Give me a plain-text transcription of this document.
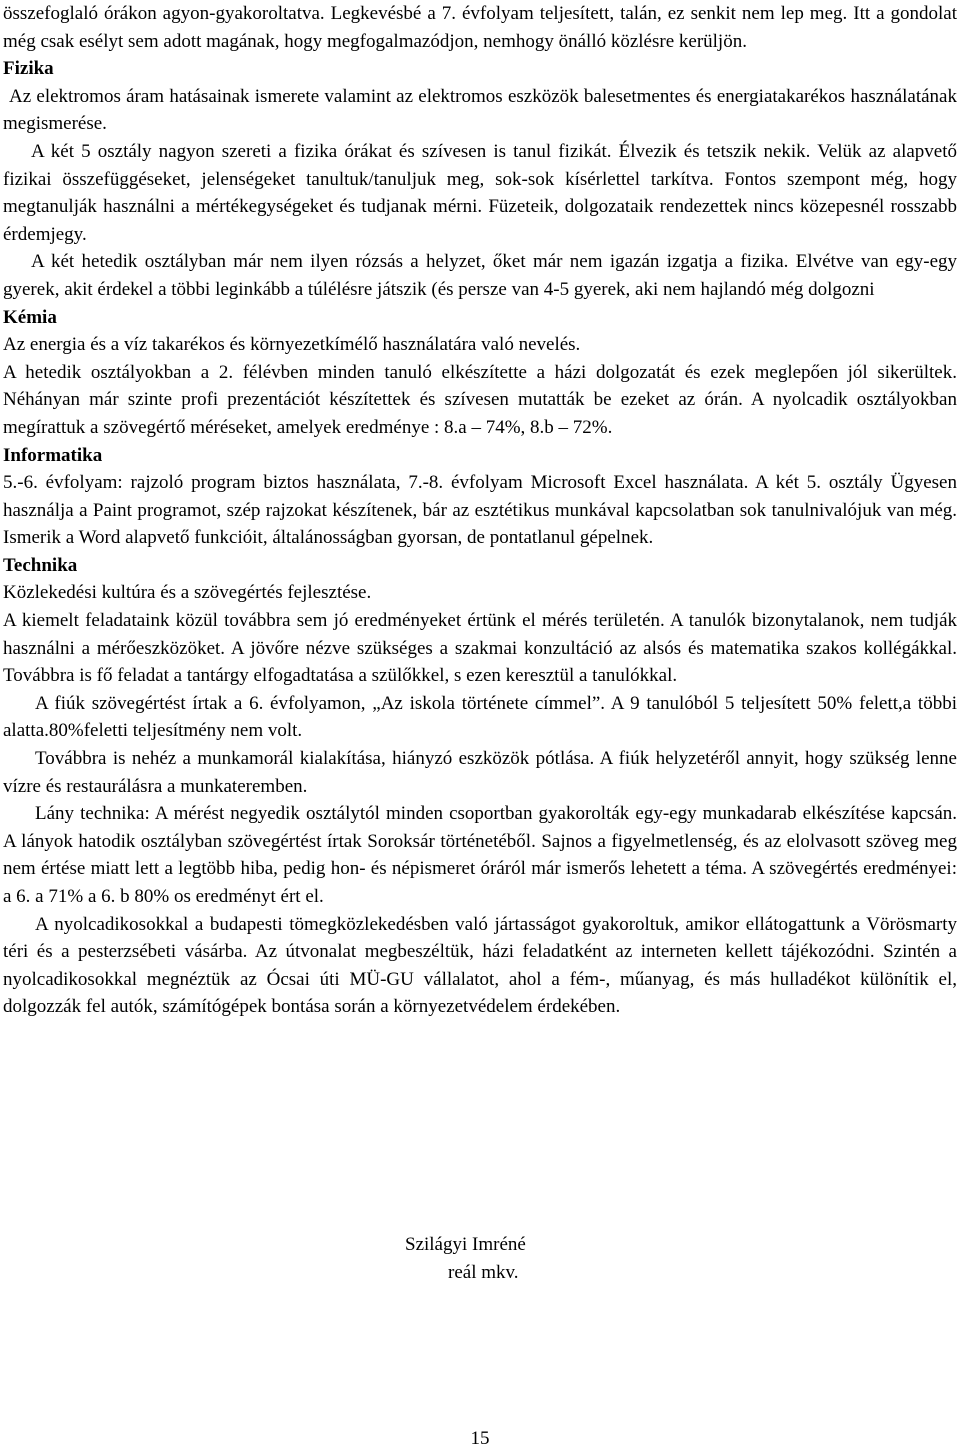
összefoglaló órákon agyon-gyakoroltatva. Legkevésbé a 7. évfolyam teljesített, talán, ez senkit nem lep meg. Itt a gondolat még csak esélyt sem adott magának, hogy megfogalmazódjon, nemhogy önálló közlésre kerüljön.

Fizika

Az elektromos áram hatásainak ismerete valamint az elektromos eszközök balesetmentes és energiatakarékos használatának megismerése.

A két 5 osztály nagyon szereti a fizika órákat és szívesen is tanul fizikát. Élvezik és tetszik nekik. Velük az alapvető fizikai összefüggéseket, jelenségeket tanultuk/tanuljuk meg, sok-sok kísérlettel tarkítva. Fontos szempont még, hogy megtanulják használni a mértékegységeket és tudjanak mérni. Füzeteik, dolgozataik rendezettek nincs közepesnél rosszabb érdemjegy.

A két hetedik osztályban már nem ilyen rózsás a helyzet, őket már nem igazán izgatja a fizika. Elvétve van egy-egy gyerek, akit érdekel a többi leginkább a túlélésre játszik (és persze van 4-5 gyerek, aki nem hajlandó még dolgozni

Kémia

Az energia és a víz takarékos és környezetkímélő használatára való nevelés.

A hetedik osztályokban a 2. félévben minden tanuló elkészítette a házi dolgozatát és ezek meglepően jól sikerültek. Néhányan már szinte profi prezentációt készítettek és szívesen mutatták be ezeket az órán. A nyolcadik osztályokban megírattuk a szövegértő méréseket, amelyek eredménye : 8.a – 74%, 8.b – 72%.

Informatika

5.-6. évfolyam: rajzoló program biztos használata, 7.-8. évfolyam Microsoft Excel használata. A két 5. osztály Ügyesen használja a Paint programot, szép rajzokat készítenek, bár az esztétikus munkával kapcsolatban sok tanulnivalójuk van még. Ismerik a Word alapvető funkcióit, általánosságban gyorsan, de pontatlanul gépelnek.

Technika

Közlekedési kultúra és a szövegértés fejlesztése.

A kiemelt feladataink közül továbbra sem jó eredményeket értünk el mérés területén. A tanulók bizonytalanok, nem tudják használni a mérőeszközöket. A jövőre nézve szükséges a szakmai konzultáció az alsós és matematika szakos kollégákkal. Továbbra is fő feladat a tantárgy elfogadtatása a szülőkkel, s ezen keresztül a tanulókkal.

A fiúk szövegértést írtak a 6. évfolyamon, „Az iskola története címmel”. A 9 tanulóból 5 teljesített 50% felett,a többi alatta.80%feletti teljesítmény nem volt.

Továbbra is nehéz a munkamorál kialakítása, hiányzó eszközök pótlása. A fiúk helyzetéről annyit, hogy szükség lenne vízre és restaurálásra a munkateremben.

Lány technika: A mérést negyedik osztálytól minden csoportban gyakorolták egy-egy munkadarab elkészítése kapcsán. A lányok hatodik osztályban szövegértést írtak Soroksár történetéből. Sajnos a figyelmetlenség, és az elolvasott szöveg meg nem értése miatt lett a legtöbb hiba, pedig hon- és népismeret óráról már ismerős lehetett a téma. A szövegértés eredményei: a 6. a 71% a 6. b 80% os eredményt ért el.

A nyolcadikosokkal a budapesti tömegközlekedésben való jártasságot gyakoroltuk, amikor ellátogattunk a Vörösmarty téri és a pesterzsébeti vásárba. Az útvonalat megbeszéltük, házi feladatként az interneten kellett tájékozódni. Szintén a nyolcadikosokkal megnéztük az Ócsai úti MÜ-GU vállalatot, ahol a fém-, műanyag, és más hulladékot különítik el, dolgozzák fel autók, számítógépek bontása során a környezetvédelem érdekében.

Szilágyi Imréné
reál mkv.
15
